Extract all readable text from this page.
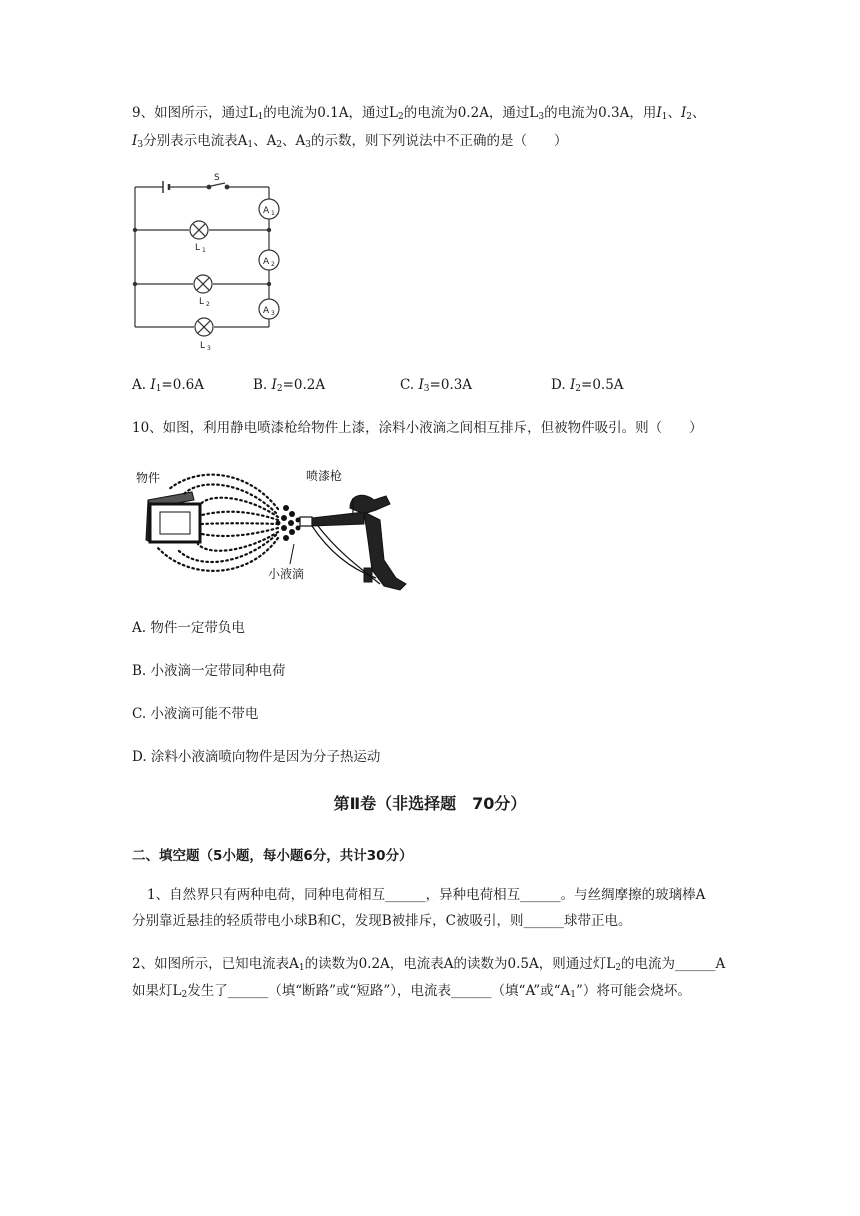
9、如图所示，通过$L_1$的电流为0.1A，通过$L_2$的电流为0.2A，通过$L_3$的电流为0.3A，用$I_1$、$I_2$、
$I_3$分别表示电流表$A_1$、$A_2$、$A_3$的示数，则下列说法中不正确的是（　　）
S
A 1
A 2
A 3
L 1
L 2
L 3
A. $I_1=0.6A$	B. $I_2=0.2A$	C. $I_3=0.3A$	D. $I_2=0.5A$
10、如图，利用静电喷漆枪给物件上漆，涂料小液滴之间相互排斥，但被物件吸引。则（　　）
物件	喷漆枪
小液滴
A. 物件一定带负电
B. 小液滴一定带同种电荷
C. 小液滴可能不带电
D. 涂料小液滴喷向物件是因为分子热运动
第Ⅱ卷（非选择题　70分）
二、填空题（5小题，每小题6分，共计30分）
1、自然界只有两种电荷，同种电荷相互______，异种电荷相互______。与丝绸摩擦的玻璃棒A
分别靠近悬挂的轻质带电小球B和C，发现B被排斥，C被吸引，则______球带正电。
2、如图所示，已知电流表$A_1$的读数为0.2A，电流表A的读数为0.5A，则通过灯$L_2$的电流为______A
如果灯$L_2$发生了______（填“断路”或“短路”），电流表______（填“A”或“$A_1$”）将可能会烧坏。
